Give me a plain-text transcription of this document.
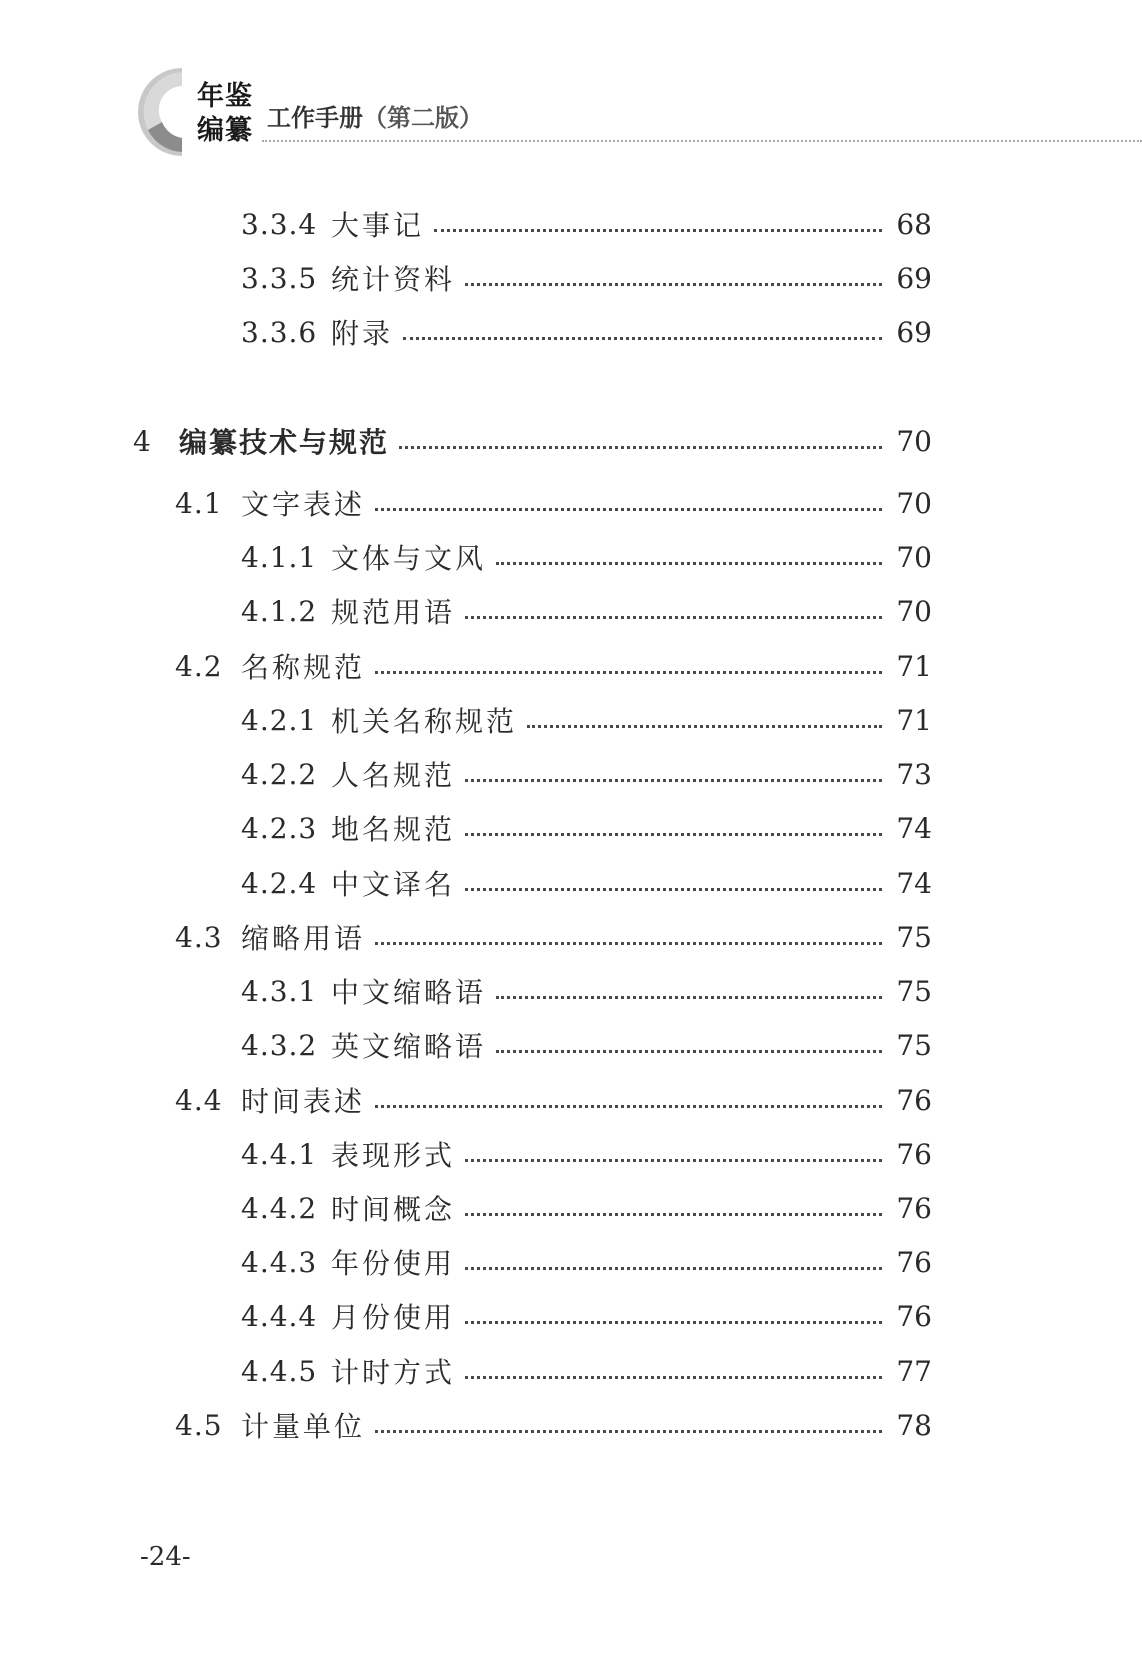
年鉴
编纂 工作手册（第二版）
3.3.4 大事记	68
3.3.5 统计资料	69
3.3.6 附录	69
4 编纂技术与规范	70
4.1 文字表述	70
4.1.1 文体与文风	70
4.1.2 规范用语	70
4.2 名称规范	71
4.2.1 机关名称规范	71
4.2.2 人名规范	73
4.2.3 地名规范	74
4.2.4 中文译名	74
4.3 缩略用语	75
4.3.1 中文缩略语	75
4.3.2 英文缩略语	75
4.4 时间表述	76
4.4.1 表现形式	76
4.4.2 时间概念	76
4.4.3 年份使用	76
4.4.4 月份使用	76
4.4.5 计时方式	77
4.5 计量单位	78
-24-
